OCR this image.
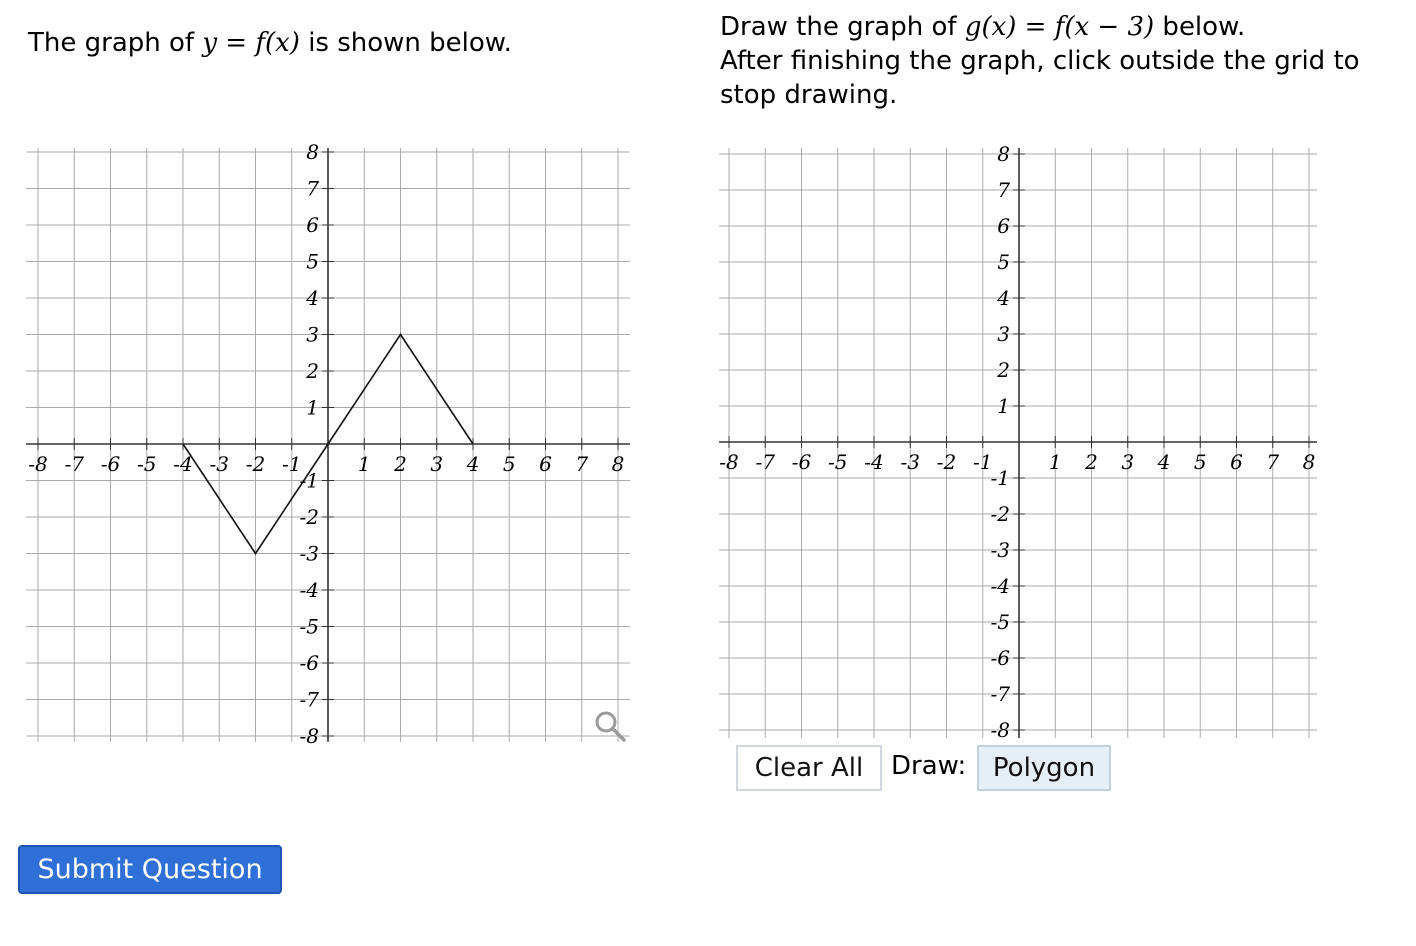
The graph of y = f(x) is shown below.
Draw the graph of g(x) = f(x − 3) below.
After finishing the graph, click outside the grid to stop drawing.
-8 -7 -6 -5 -4 -3 -2 -1	1 2 3 4 5 6 7 8
8
7
6
5
4
3
2
1
-1
-2
-3
-4
-5
-6
-7
-8
-8 -7 -6 -5 -4 -3 -2 -1	1 2 3 4 5 6 7 8
8
7
6
5
4
3
2
1
-1
-2
-3
-4
-5
-6
-7
-8
Clear All	Draw:	Polygon
Submit Question
